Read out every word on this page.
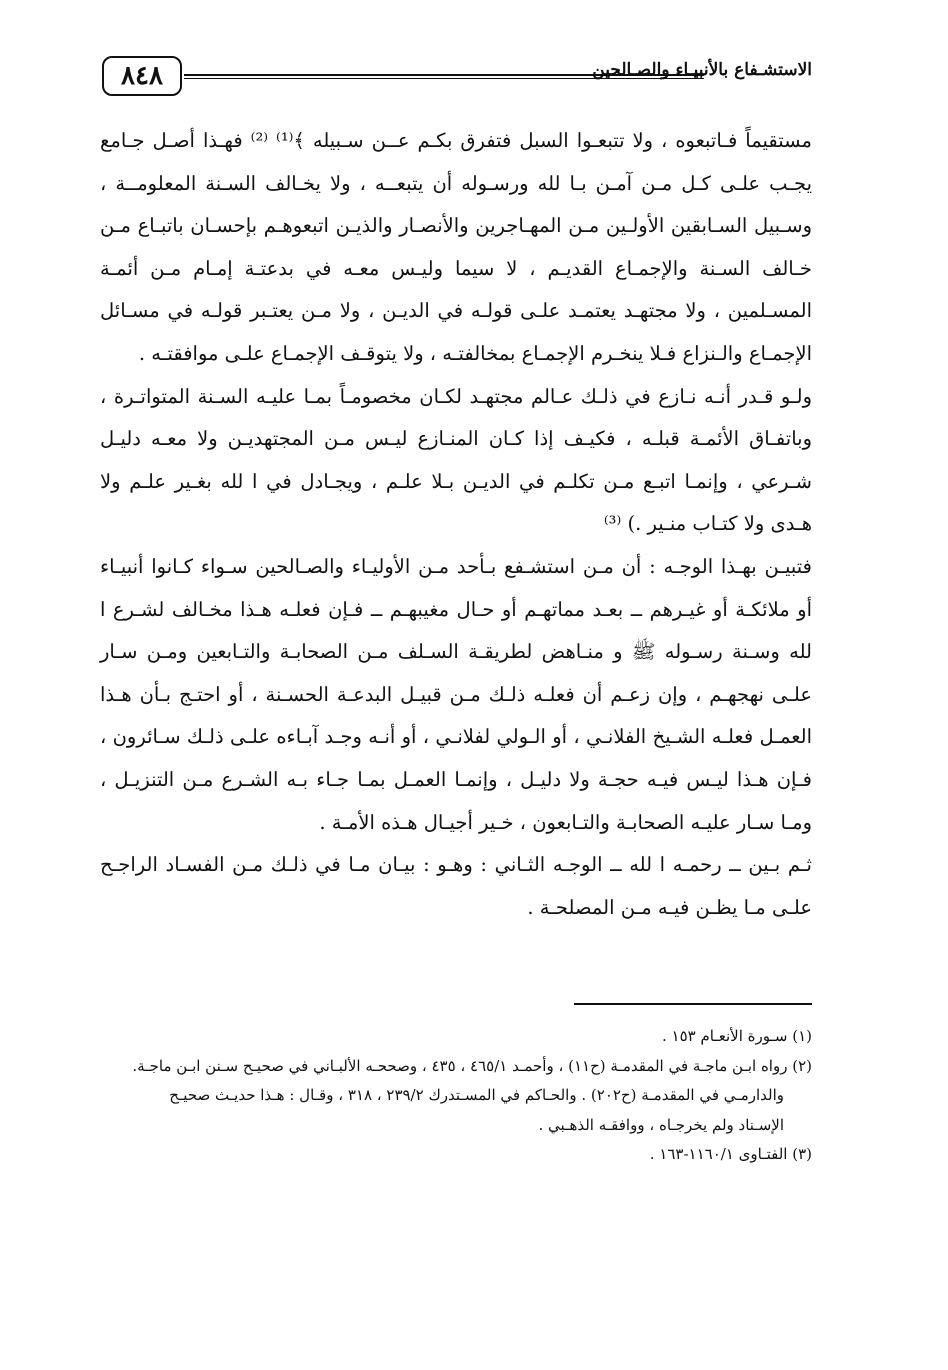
٨٤٨	الاستشـفاع بالأنبيـاء والصـالحين

مستقيماً فـاتبعوه ، ولا تتبعـوا السبل فتفرق بكـم عــن سـبيله ﴾⁽¹⁾ ⁽²⁾ فهـذا أصـل جـامع يجـب علـى كـل مـن آمـن بـا لله ورسـوله أن يتبعــه ، ولا يخـالف السـنة المعلومــة ، وسـبيل السـابقين الأولـين مـن المهـاجرين والأنصـار والذيـن اتبعوهـم بإحسـان باتبـاع مـن خـالف السـنة والإجمـاع القديـم ، لا سيما وليـس معـه في بدعتـة إمـام مـن أئمـة المسـلمين ، ولا مجتهـد يعتمـد علـى قولـه في الديـن ، ولا مـن يعتـبر قولـه في مسـائل الإجمـاع والـنزاع فـلا ينخـرم الإجمـاع بمخالفتـه ، ولا يتوقـف الإجمـاع علـى موافقتـه .

ولـو قـدر أنـه نـازع في ذلـك عـالم مجتهـد لكـان مخصومـاً بمـا عليـه السـنة المتواتـرة ، وباتفـاق الأئمـة قبلـه ، فكيـف إذا كـان المنـازع ليـس مـن المجتهديـن ولا معـه دليـل شـرعي ، وإنمـا اتبـع مـن تكلـم في الديـن بـلا علـم ، ويجـادل في ا لله بغـير علـم ولا هـدى ولا كتـاب منـير .) ⁽³⁾

فتبيـن بهـذا الوجـه : أن مـن استشـفع بـأحد مـن الأوليـاء والصـالحين سـواء كـانوا أنبيـاء أو ملائكـة أو غيـرهم ــ بعـد مماتهـم أو حـال مغيبهـم ــ فـإن فعلـه هـذا مخـالف لشـرع ا لله وسـنة رسـوله ﷺ و منـاهض لطريقـة السـلف مـن الصحابـة والتـابعين ومـن سـار علـى نهجهـم ، وإن زعـم أن فعلـه ذلـك مـن قبيـل البدعـة الحسـنة ، أو احتـج بـأن هـذا العمـل فعلـه الشـيخ الفلانـي ، أو الـولي لفلانـي ، أو أنـه وجـد آبـاءه علـى ذلـك سـائرون ، فـإن هـذا ليـس فيـه حجـة ولا دليـل ، وإنمـا العمـل بمـا جـاء بـه الشـرع مـن التنزيـل ، ومـا سـار عليـه الصحابـة والتـابعون ، خـير أجيـال هـذه الأمـة .

ثـم بـين ــ رحمـه ا لله ــ الوجـه الثـاني : وهـو : بيـان مـا في ذلـك مـن الفسـاد الراجـح علـى مـا يظـن فيـه مـن المصلحـة .

(١) سـورة الأنعـام ١٥٣ .

(٢) رواه ابـن ماجـة في المقدمـة (ح١١) ، وأحمـد ٤٦٥/١ ، ٤٣٥ ، وصححـه الألبـاني في صحيـح سـنن ابـن ماجـة.

والدارمـي في المقدمـة (ح٢٠٢) . والحـاكم في المسـتدرك ٢٣٩/٢ ، ٣١٨ ، وقـال : هـذا حديـث صحيـح

الإسـناد ولم يخرجـاه ، ووافقـه الذهـبي .

(٣) الفتـاوى ١١٦٠/١-١٦٣ .
